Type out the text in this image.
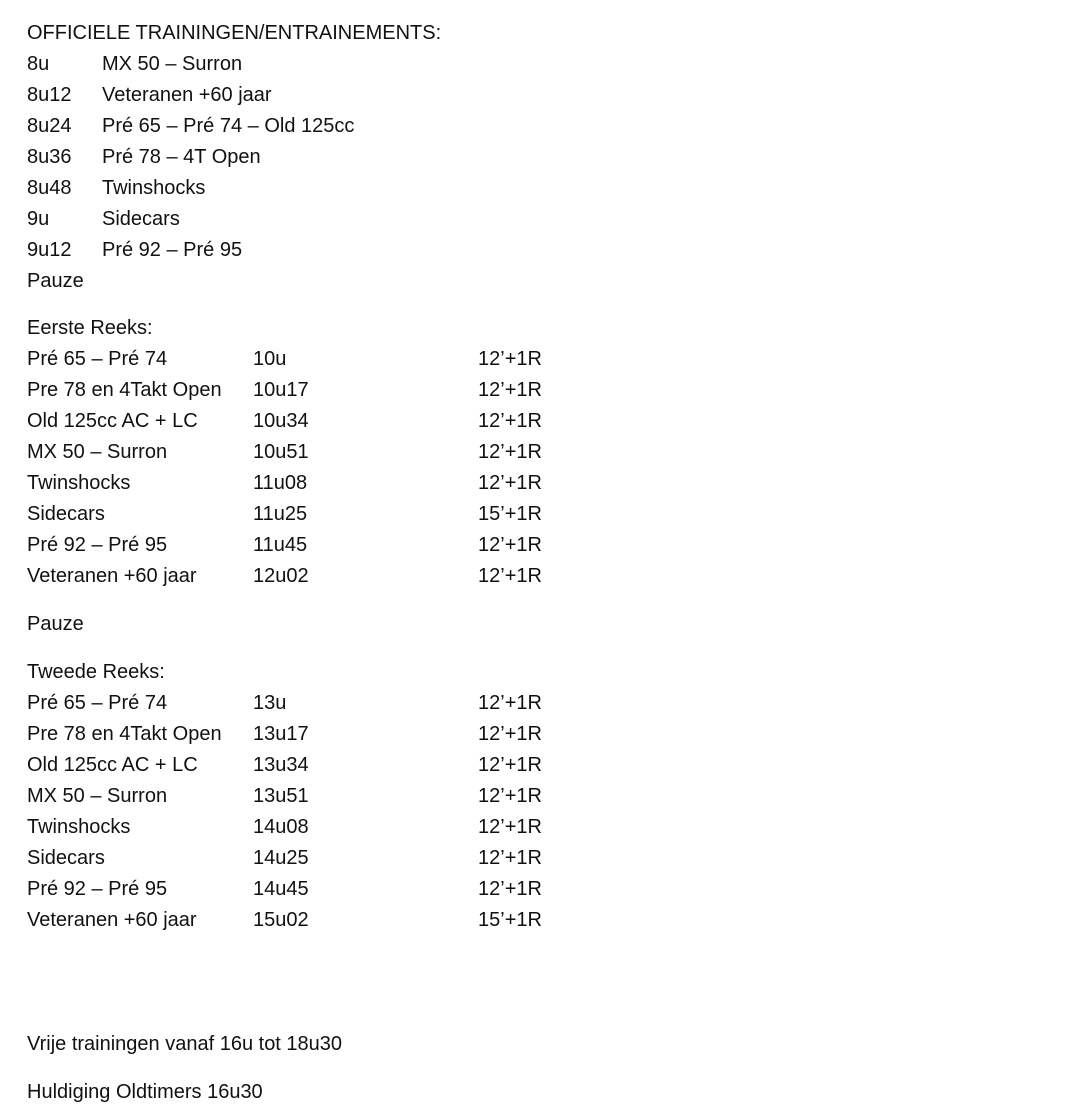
OFFICIELE TRAININGEN/ENTRAINEMENTS:
8u	MX 50 – Surron
8u12 Veteranen +60 jaar
8u24 Pré 65 – Pré 74 – Old 125cc
8u36 Pré 78 – 4T Open
8u48 Twinshocks
9u	Sidecars
9u12 Pré 92 – Pré 95
Pauze
Eerste Reeks:
Pré 65 – Pré 74	10u	12’+1R
Pre 78 en 4Takt Open 10u17	12’+1R
Old 125cc AC + LC	10u34	12’+1R
MX 50 – Surron	10u51	12’+1R
Twinshocks	11u08	12’+1R
Sidecars	11u25	15’+1R
Pré 92 – Pré 95	11u45	12’+1R
Veteranen +60 jaar	12u02	12’+1R
Pauze
Tweede Reeks:
Pré 65 – Pré 74	13u	12’+1R
Pre 78 en 4Takt Open 13u17	12’+1R
Old 125cc AC + LC	13u34	12’+1R
MX 50 – Surron	13u51	12’+1R
Twinshocks	14u08	12’+1R
Sidecars	14u25	12’+1R
Pré 92 – Pré 95	14u45	12’+1R
Veteranen +60 jaar	15u02	15’+1R
Vrije trainingen vanaf 16u tot 18u30
Huldiging Oldtimers 16u30
